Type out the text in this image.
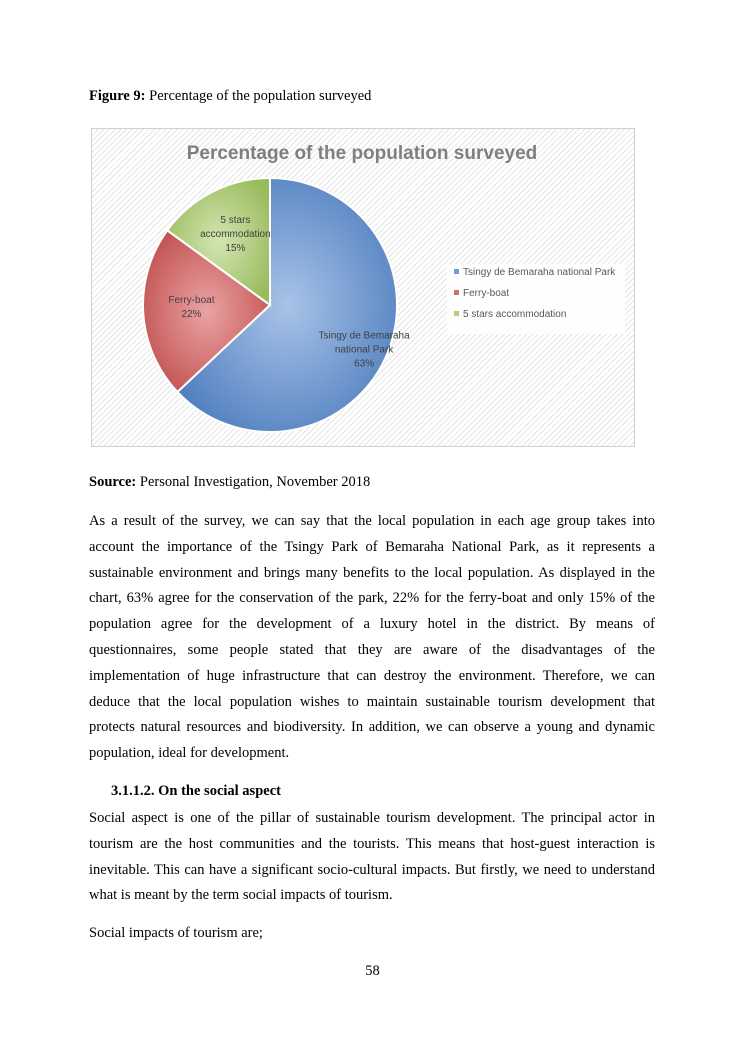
Figure 9: Percentage of the population surveyed
Percentage of the population surveyed
Tsingy de Bemaraha national Park 63%
Ferry-boat 22%
5 stars accommodation 15%
Tsingy de Bemaraha national Park
Ferry-boat
5 stars accommodation
Source: Personal Investigation, November 2018
As a result of the survey, we can say that the local population in each age group takes into account the importance of the Tsingy Park of Bemaraha National Park, as it represents a sustainable environment and brings many benefits to the local population. As displayed in the chart, 63% agree for the conservation of the park, 22% for the ferry-boat and only 15% of the population agree for the development of a luxury hotel in the district. By means of questionnaires, some people stated that they are aware of the disadvantages of the implementation of huge infrastructure that can destroy the environment. Therefore, we can deduce that the local population wishes to maintain sustainable tourism development that protects natural resources and biodiversity. In addition, we can observe a young and dynamic population, ideal for development.
3.1.1.2. On the social aspect
Social aspect is one of the pillar of sustainable tourism development. The principal actor in tourism are the host communities and the tourists. This means that host-guest interaction is inevitable. This can have a significant socio-cultural impacts. But firstly, we need to understand what is meant by the term social impacts of tourism.
Social impacts of tourism are;
58
